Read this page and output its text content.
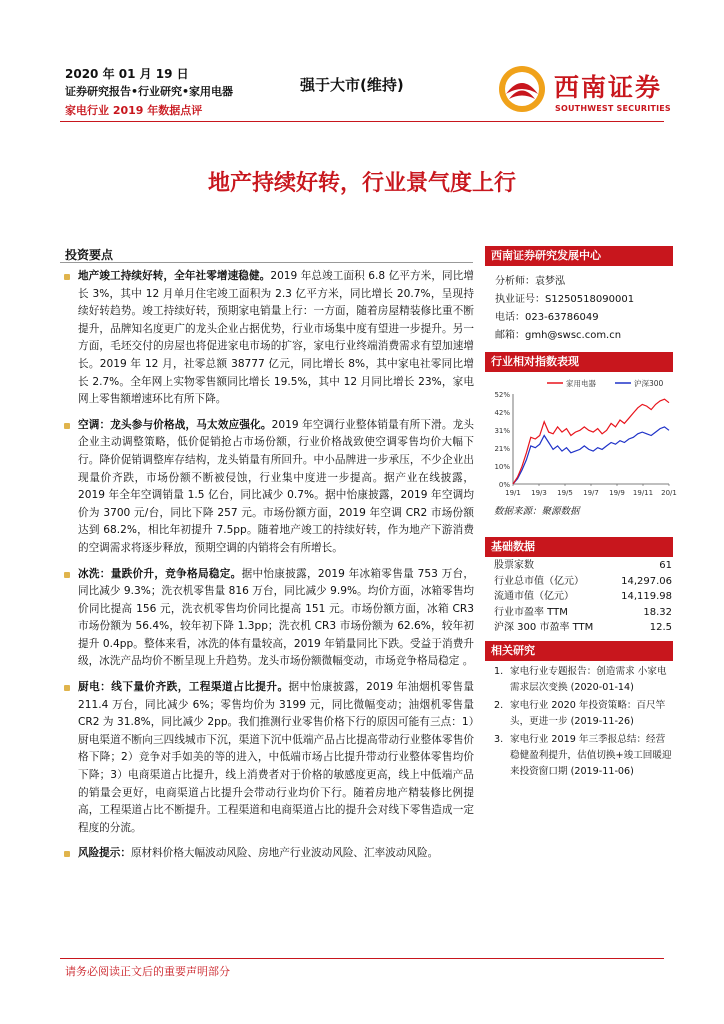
2020 年 01 月 19 日
证券研究报告•行业研究•家用电器
家电行业 2019 年数据点评
强于大市(维持)	西南证券
SOUTHWEST SECURITIES
地产持续好转，行业景气度上行
投资要点
地产竣工持续好转，全年社零增速稳健。2019 年总竣工面积 6.8 亿平方米，同比增长 3%，其中 12 月单月住宅竣工面积为 2.3 亿平方米，同比增长 20.7%，呈现持续好转趋势。竣工持续好转，预期家电销量上行：一方面，随着房屋精装修比重不断提升，品牌知名度更广的龙头企业占据优势，行业市场集中度有望进一步提升。另一方面，毛坯交付的房屋也将促进家电市场的扩容，家电行业终端消费需求有望加速增长。2019 年 12 月，社零总额 38777 亿元，同比增长 8%，其中家电社零同比增长 2.7%。全年网上实物零售额同比增长 19.5%，其中 12 月同比增长 23%，家电网上零售额增速环比有所下降。
空调：龙头参与价格战，马太效应强化。2019 年空调行业整体销量有所下滑。龙头企业主动调整策略，低价促销抢占市场份额，行业价格战致使空调零售均价大幅下行。降价促销调整库存结构，龙头销量有所回升。中小品牌进一步承压，不少企业出现量价齐跌，市场份额不断被侵蚀，行业集中度进一步提高。据产业在线披露，2019 年全年空调销量 1.5 亿台，同比减少 0.7%。据中怡康披露，2019 年空调均价为 3700 元/台，同比下降 257 元。市场份额方面，2019 年空调 CR2 市场份额达到 68.2%，相比年初提升 7.5pp。随着地产竣工的持续好转，作为地产下游消费的空调需求将逐步释放，预期空调的内销将会有所增长。
冰洗：量跌价升，竞争格局稳定。据中怡康披露，2019 年冰箱零售量 753 万台，同比减少 9.3%；洗衣机零售量 816 万台，同比减少 9.9%。均价方面，冰箱零售均价同比提高 156 元，洗衣机零售均价同比提高 151 元。市场份额方面，冰箱 CR3 市场份额为 56.4%，较年初下降 1.3pp；洗衣机 CR3 市场份额为 62.6%，较年初提升 0.4pp。整体来看，冰洗的体有量较高，2019 年销量同比下跌。受益于消费升级，冰洗产品均价不断呈现上升趋势。龙头市场份额微幅变动，市场竞争格局稳定 。
厨电：线下量价齐跌，工程渠道占比提升。据中怡康披露，2019 年油烟机零售量 211.4 万台，同比减少 6%；零售均价为 3199 元，同比微幅变动；油烟机零售量 CR2 为 31.8%，同比减少 2pp。我们推测行业零售价格下行的原因可能有三点：1）厨电渠道不断向三四线城市下沉，渠道下沉中低端产品占比提高带动行业整体零售价格下降；2）竞争对手如美的等的进入，中低端市场占比提升带动行业整体零售均价下降；3）电商渠道占比提升，线上消费者对于价格的敏感度更高，线上中低端产品的销量会更好，电商渠道占比提升会带动行业均价下行。随着房地产精装修比例提高，工程渠道占比不断提升。工程渠道和电商渠道占比的提升会对线下零售造成一定程度的分流。
风险提示：原材料价格大幅波动风险、房地产行业波动风险、汇率波动风险。
西南证券研究发展中心
分析师：袁梦泓
执业证号：S1250518090001
电话：023-63786049
邮箱：gmh@swsc.com.cn
行业相对指数表现
0%
10%
21%
31%
42%
52%
19/1 19/3 19/5 19/7 19/9 19/11 20/1
家用电器	沪深300
数据来源：聚源数据
基础数据
股票家数	61
行业总市值（亿元）	14,297.06
流通市值（亿元）	14,119.98
行业市盈率 TTM	18.32
沪深 300 市盈率 TTM	12.5
相关研究
1. 家电行业专题报告：创造需求 小家电需求层次变换 (2020-01-14)
2. 家电行业 2020 年投资策略：百尺竿头，更进一步 (2019-11-26)
3. 家电行业 2019 年三季报总结：经营稳健盈利提升，估值切换+竣工回暖迎来投资窗口期 (2019-11-06)
请务必阅读正文后的重要声明部分
